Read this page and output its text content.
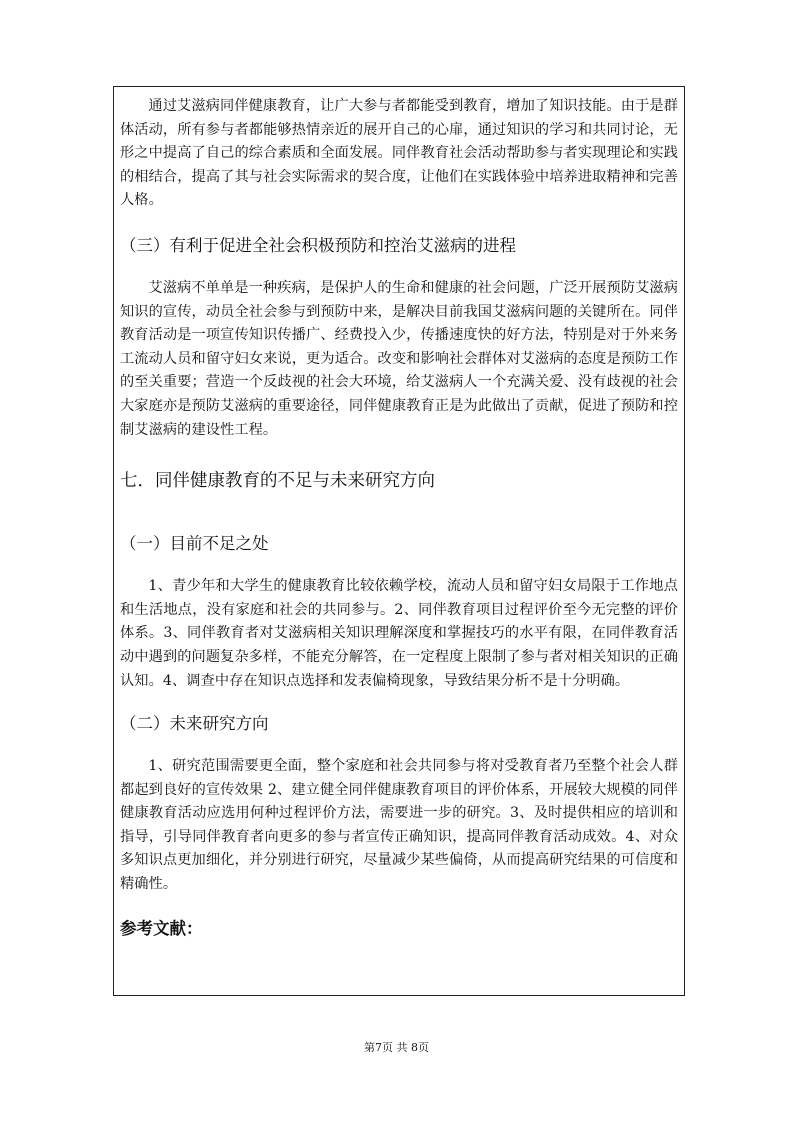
通过艾滋病同伴健康教育，让广大参与者都能受到教育，增加了知识技能。由于是群体活动，所有参与者都能够热情亲近的展开自己的心扉，通过知识的学习和共同讨论，无形之中提高了自己的综合素质和全面发展。同伴教育社会活动帮助参与者实现理论和实践的相结合，提高了其与社会实际需求的契合度，让他们在实践体验中培养进取精神和完善人格。

（三）有利于促进全社会积极预防和控治艾滋病的进程

艾滋病不单单是一种疾病，是保护人的生命和健康的社会问题，广泛开展预防艾滋病知识的宣传，动员全社会参与到预防中来，是解决目前我国艾滋病问题的关键所在。同伴教育活动是一项宣传知识传播广、经费投入少，传播速度快的好方法，特别是对于外来务工流动人员和留守妇女来说，更为适合。改变和影响社会群体对艾滋病的态度是预防工作的至关重要；营造一个反歧视的社会大环境，给艾滋病人一个充满关爱、没有歧视的社会大家庭亦是预防艾滋病的重要途径，同伴健康教育正是为此做出了贡献，促进了预防和控制艾滋病的建设性工程。

七．同伴健康教育的不足与未来研究方向
（一）目前不足之处

1、青少年和大学生的健康教育比较依赖学校，流动人员和留守妇女局限于工作地点和生活地点，没有家庭和社会的共同参与。2、同伴教育项目过程评价至今无完整的评价体系。3、同伴教育者对艾滋病相关知识理解深度和掌握技巧的水平有限，在同伴教育活动中遇到的问题复杂多样，不能充分解答，在一定程度上限制了参与者对相关知识的正确认知。4、调查中存在知识点选择和发表偏椅现象，导致结果分析不是十分明确。

（二）未来研究方向

1、研究范围需要更全面，整个家庭和社会共同参与将对受教育者乃至整个社会人群都起到良好的宣传效果 2、建立健全同伴健康教育项目的评价体系，开展较大规模的同伴健康教育活动应选用何种过程评价方法，需要进一步的研究。3、及时提供相应的培训和指导，引导同伴教育者向更多的参与者宣传正确知识，提高同伴教育活动成效。4、对众多知识点更加细化，并分别进行研究，尽量减少某些偏倚，从而提高研究结果的可信度和精确性。

参考文献：
第7页 共 8页
